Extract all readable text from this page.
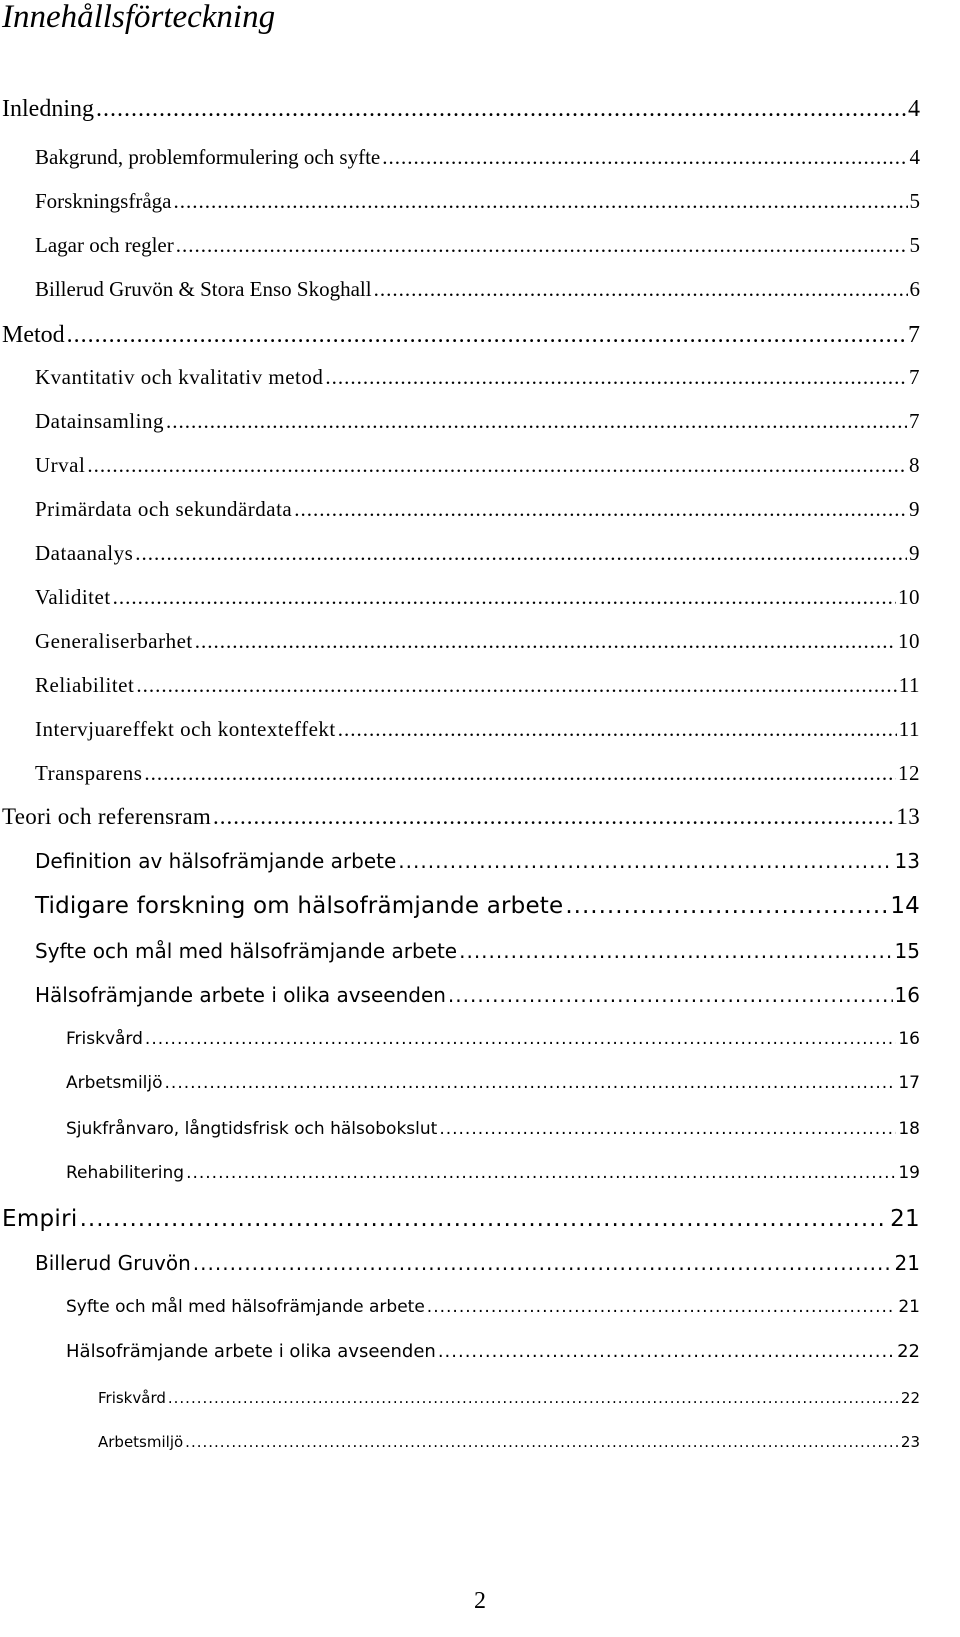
Innehållsförteckning
Inledning .....	4
Bakgrund, problemformulering och syfte .....	4
Forskningsfråga .....	5
Lagar och regler .....	5
Billerud Gruvön & Stora Enso Skoghall .....	6
Metod .....	7
Kvantitativ och kvalitativ metod .....	7
Datainsamling .....	7
Urval .....	8
Primärdata och sekundärdata .....	9
Dataanalys .....	9
Validitet .....	10
Generaliserbarhet .....	10
Reliabilitet .....	11
Intervjuareffekt och kontexteffekt .....	11
Transparens .....	12
Teori och referensram .....	13
Definition av hälsofrämjande arbete .....	13
Tidigare forskning om hälsofrämjande arbete .....	14
Syfte och mål med hälsofrämjande arbete .....	15
Hälsofrämjande arbete i olika avseenden .....	16
Friskvård .....	16
Arbetsmiljö .....	17
Sjukfrånvaro, långtidsfrisk och hälsobokslut .....	18
Rehabilitering .....	19
Empiri .....	21
Billerud Gruvön .....	21
Syfte och mål med hälsofrämjande arbete .....	21
Hälsofrämjande arbete i olika avseenden .....	22
Friskvård .....	22
Arbetsmiljö .....	23
2
